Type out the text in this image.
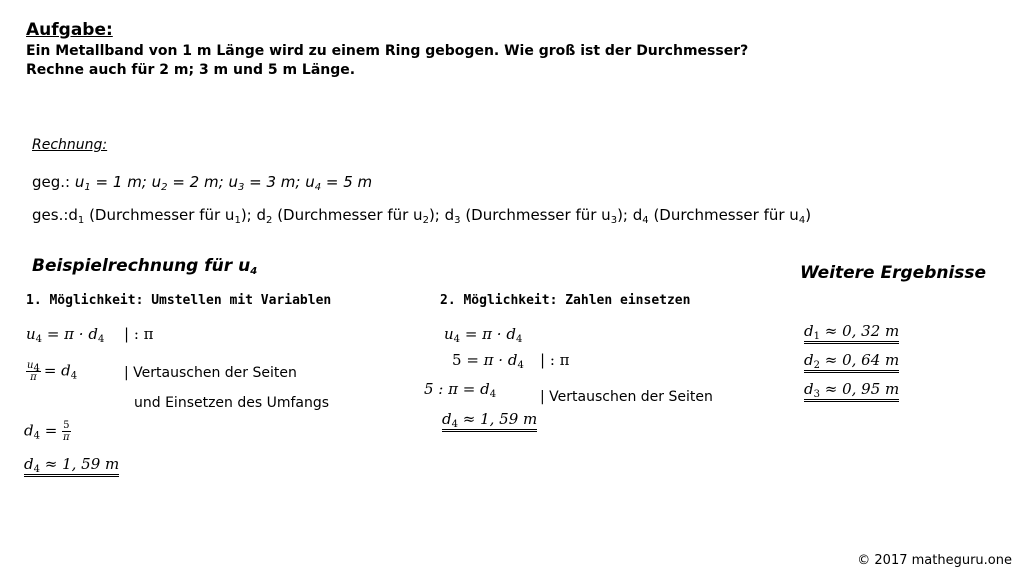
Aufgabe:
Ein Metallband von 1 m Länge wird zu einem Ring gebogen. Wie groß ist der Durchmesser?
Rechne auch für 2 m; 3 m und 5 m Länge.
Rechnung:
geg.: $u_1 = 1$ m; $u_2 = 2$ m; $u_3 = 3$ m; $u_4 = 5$ m
$ges.:d_1$ (Durchmesser für $u_1$); $d_2$ (Durchmesser für $u_2$); $d_3$ (Durchmesser für $u_3$); $d_4$ (Durchmesser für $u_4$)
Beispielrechnung für $u_4$
1. Möglichkeit: Umstellen mit Variablen
$u_4 = \pi \cdot d_4$ | : π
$\frac{u_4}{\pi} = d_4$	| Vertauschen der Seiten
und Einsetzen des Umfangs
$d_4 = \frac{5}{\pi}$
$d_4 \approx 1$, 59 m
2. Möglichkeit: Zahlen einsetzen
$u_4 = \pi \cdot d_4$
$5 = \pi \cdot d_4$ | : π
5 : $\pi = d_4$	| Vertauschen der Seiten
$d_4 \approx 1$, 59 m
Weitere Ergebnisse
$d_1 \approx 0$, 32 m
$d_2 \approx 0$, 64 m
$d_3 \approx 0$, 95 m
© 2017 matheguru.one
